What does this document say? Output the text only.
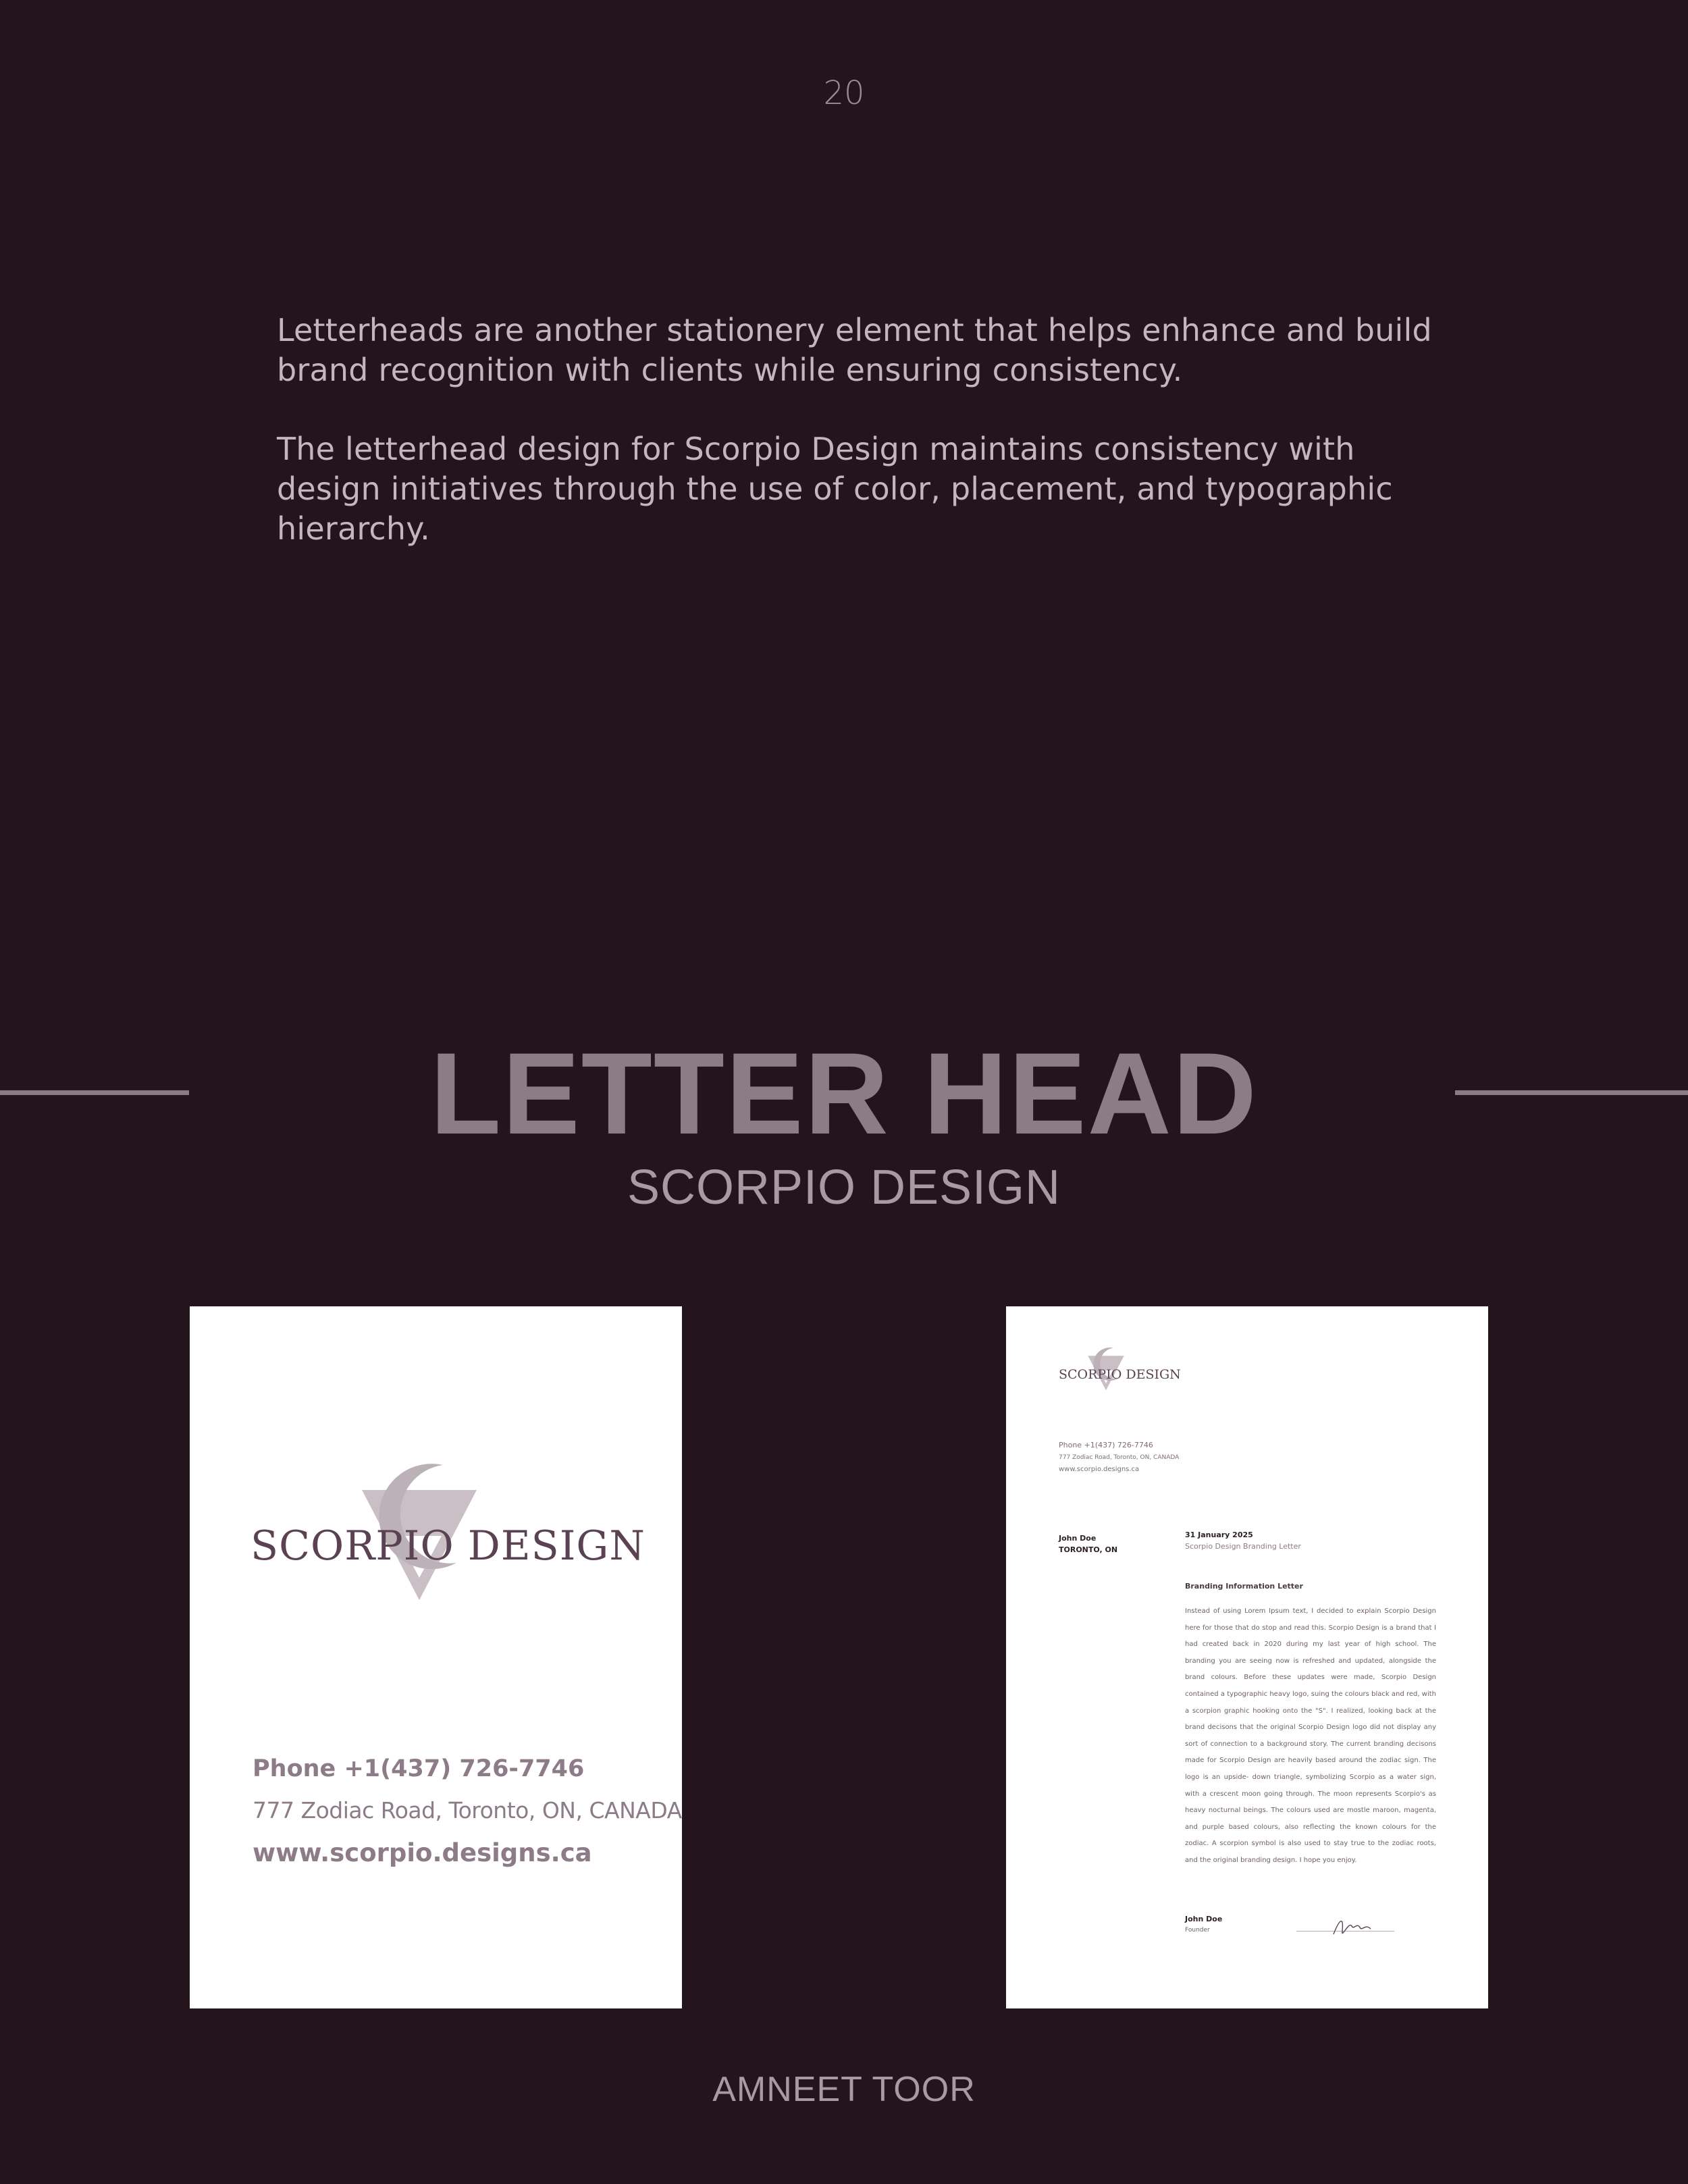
20

Letterheads are another stationery element that helps enhance and build brand recognition with clients while ensuring consistency.

The letterhead design for Scorpio Design maintains consistency with design initiatives through the use of color, placement, and typographic hierarchy.

LETTER HEAD
SCORPIO DESIGN
SCORPIO DESIGN
Phone +1(437) 726-7746
777 Zodiac Road, Toronto, ON, CANADA
www.scorpio.designs.ca
SCORPIO DESIGN
Phone +1(437) 726-7746
777 Zodiac Road, Toronto, ON, CANADA
www.scorpio.designs.ca
John Doe
TORONTO, ON
31 January 2025
Scorpio Design Branding Letter
Branding Information Letter
Instead of using Lorem Ipsum text, I decided to explain Scorpio Design here for those that do stop and read this. Scorpio Design is a brand that I had created back in 2020 during my last year of high school. The branding you are seeing now is refreshed and updated, alongside the brand colours. Before these updates were made, Scorpio Design contained a typographic heavy logo, suing the colours black and red, with a scorpion graphic hooking onto the "S". I realized, looking back at the brand decisons that the original Scorpio Design logo did not display any sort of connection to a background story. The current branding decisons made for Scorpio Design are heavily based around the zodiac sign. The logo is an upside- down triangle, symbolizing Scorpio as a water sign, with a crescent moon going through. The moon represents Scorpio's as heavy nocturnal beings. The colours used are mostle maroon, magenta, and purple based colours, also reflecting the known colours for the zodiac. A scorpion symbol is also used to stay true to the zodiac roots, and the original branding design. I hope you enjoy.
John Doe
Founder
AMNEET TOOR
